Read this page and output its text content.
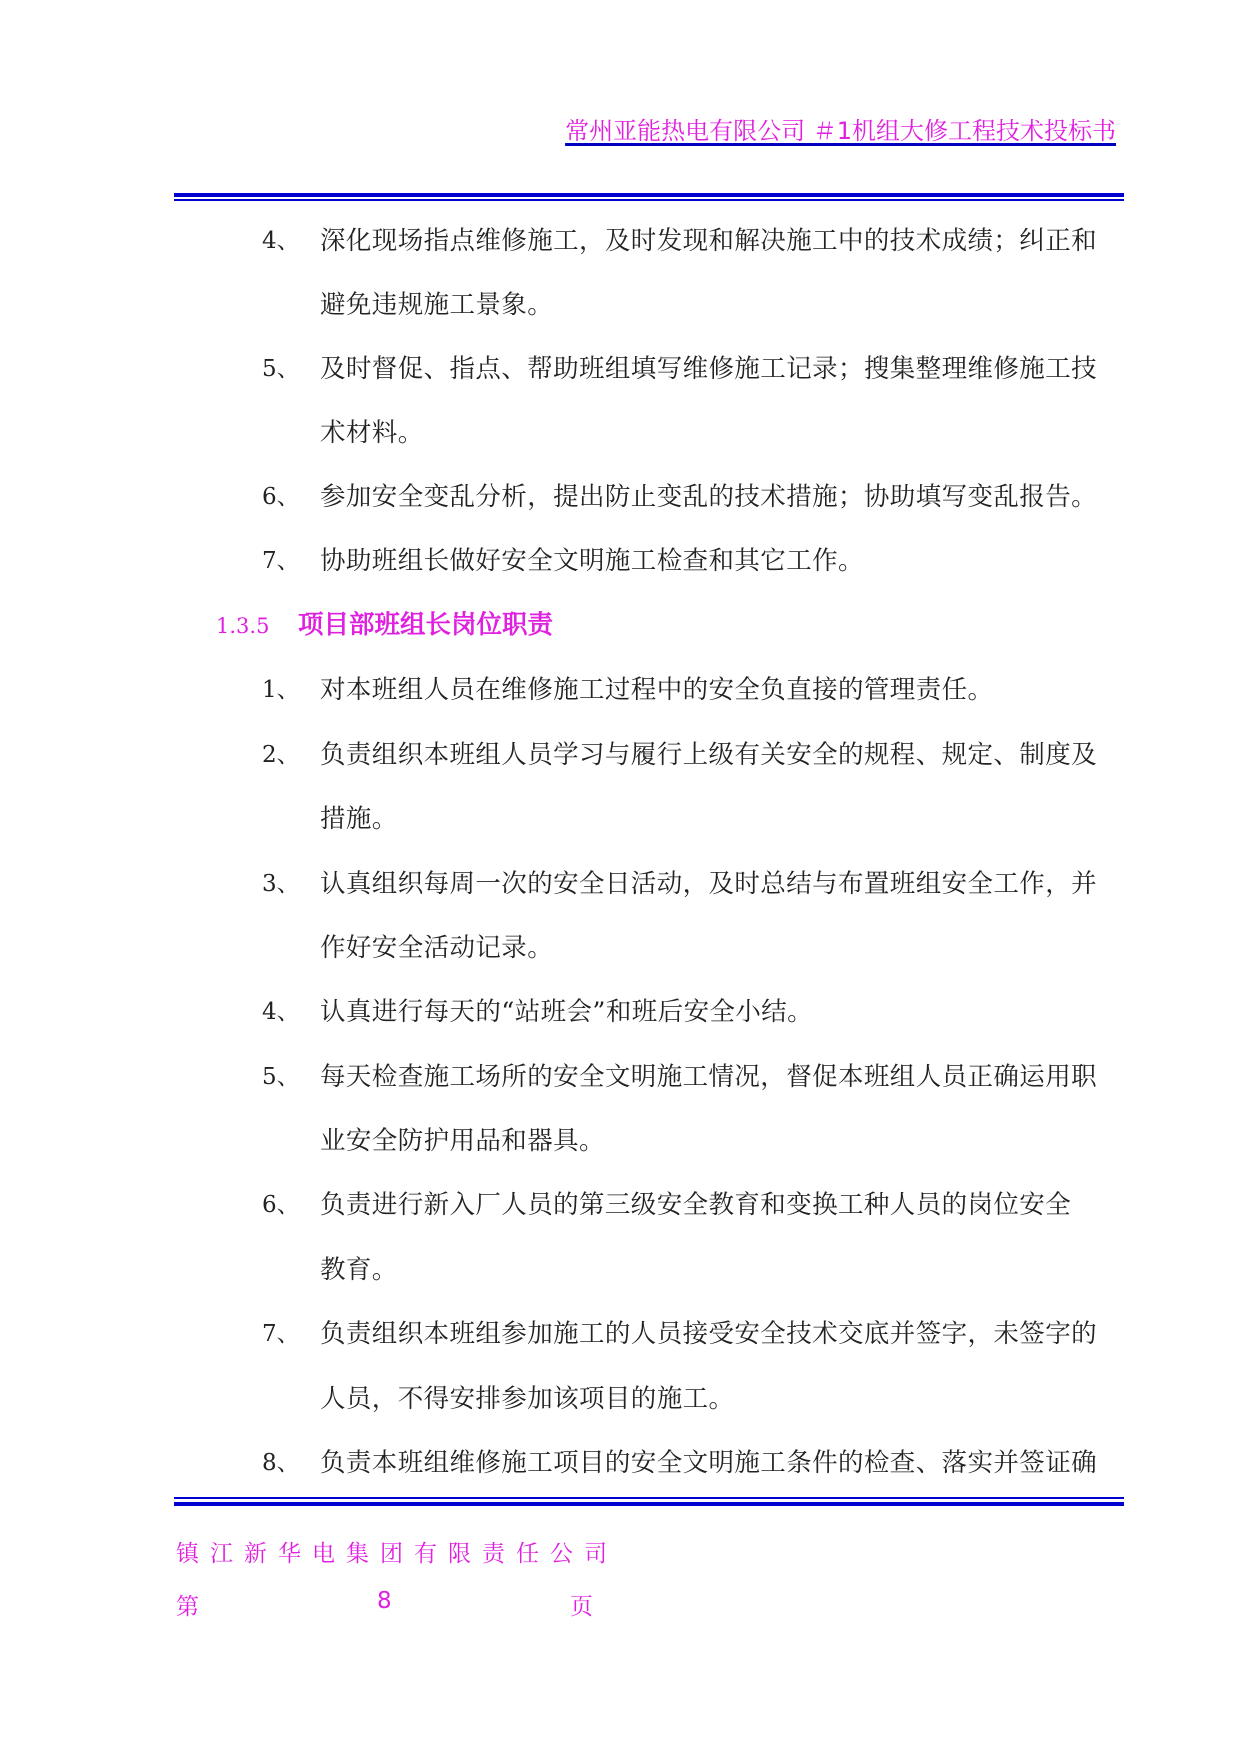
常州亚能热电有限公司 ＃1机组大修工程技术投标书
4、 深化现场指点维修施工，及时发现和解决施工中的技术成绩；纠正和
避免违规施工景象。
5、 及时督促、指点、帮助班组填写维修施工记录；搜集整理维修施工技
术材料。
6、 参加安全变乱分析，提出防止变乱的技术措施；协助填写变乱报告。
7、 协助班组长做好安全文明施工检查和其它工作。
1.3.5 项目部班组长岗位职责
1、 对本班组人员在维修施工过程中的安全负直接的管理责任。
2、 负责组织本班组人员学习与履行上级有关安全的规程、规定、制度及
措施。
3、 认真组织每周一次的安全日活动，及时总结与布置班组安全工作，并
作好安全活动记录。
4、 认真进行每天的“站班会”和班后安全小结。
5、 每天检查施工场所的安全文明施工情况，督促本班组人员正确运用职
业安全防护用品和器具。
6、 负责进行新入厂人员的第三级安全教育和变换工种人员的岗位安全
教育。
7、 负责组织本班组参加施工的人员接受安全技术交底并签字，未签字的
人员，不得安排参加该项目的施工。
8、 负责本班组维修施工项目的安全文明施工条件的检查、落实并签证确
镇江新华电集团有限责任公司
第	8	页
